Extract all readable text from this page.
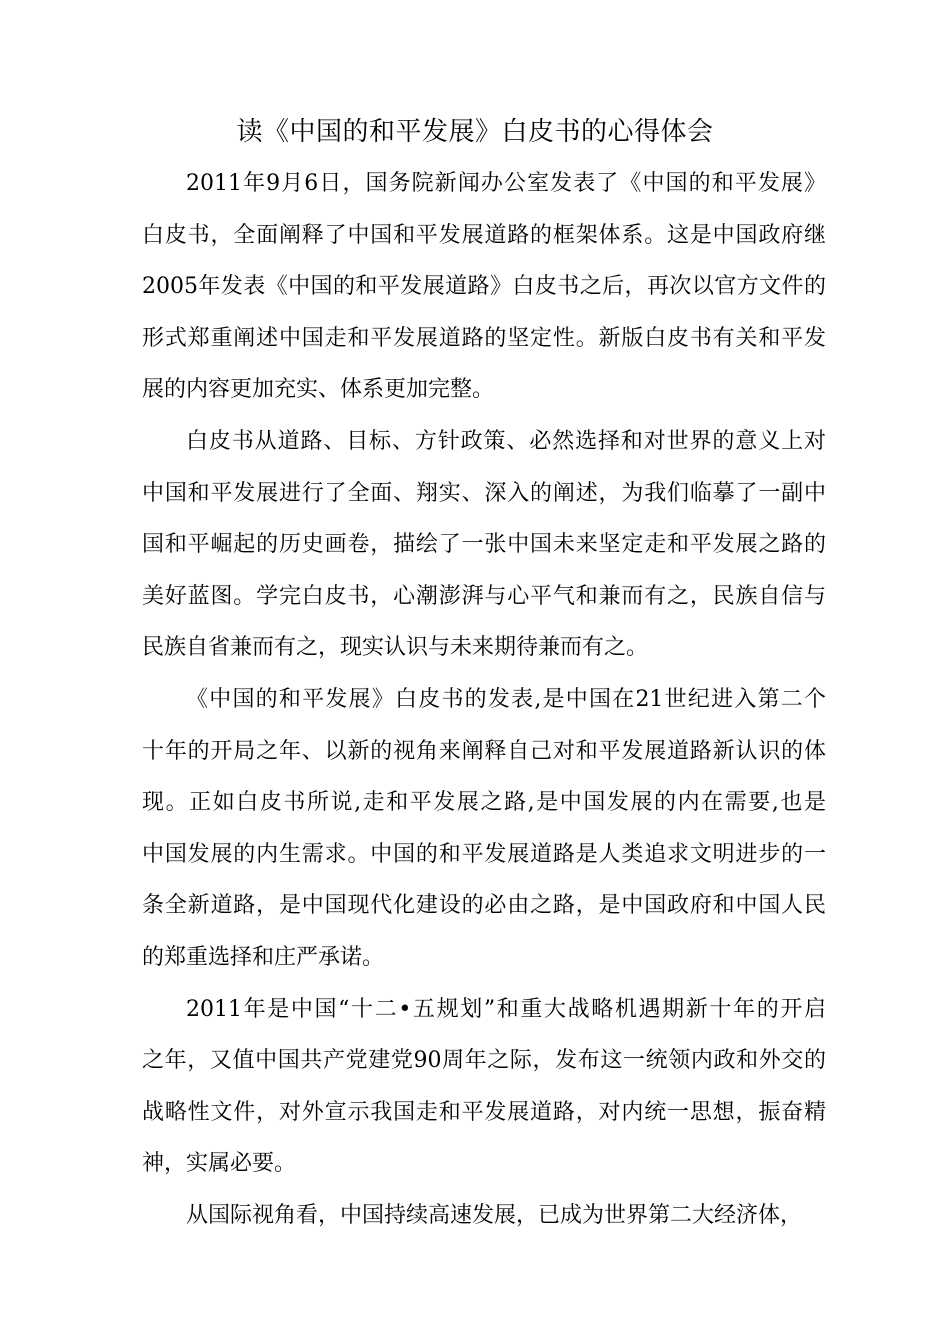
读《中国的和平发展》白皮书的心得体会

2011年9月6日，国务院新闻办公室发表了《中国的和平发展》
白皮书，全面阐释了中国和平发展道路的框架体系。这是中国政府继
2005年发表《中国的和平发展道路》白皮书之后，再次以官方文件的
形式郑重阐述中国走和平发展道路的坚定性。新版白皮书有关和平发
展的内容更加充实、体系更加完整。

白皮书从道路、目标、方针政策、必然选择和对世界的意义上对
中国和平发展进行了全面、翔实、深入的阐述，为我们临摹了一副中
国和平崛起的历史画卷，描绘了一张中国未来坚定走和平发展之路的
美好蓝图。学完白皮书，心潮澎湃与心平气和兼而有之，民族自信与
民族自省兼而有之，现实认识与未来期待兼而有之。

《中国的和平发展》白皮书的发表,是中国在21世纪进入第二个
十年的开局之年、以新的视角来阐释自己对和平发展道路新认识的体
现。正如白皮书所说,走和平发展之路,是中国发展的内在需要,也是
中国发展的内生需求。中国的和平发展道路是人类追求文明进步的一
条全新道路，是中国现代化建设的必由之路，是中国政府和中国人民
的郑重选择和庄严承诺。

2011年是中国“十二•五规划”和重大战略机遇期新十年的开启
之年，又值中国共产党建党90周年之际，发布这一统领内政和外交的
战略性文件，对外宣示我国走和平发展道路，对内统一思想，振奋精
神，实属必要。

从国际视角看，中国持续高速发展，已成为世界第二大经济体，
